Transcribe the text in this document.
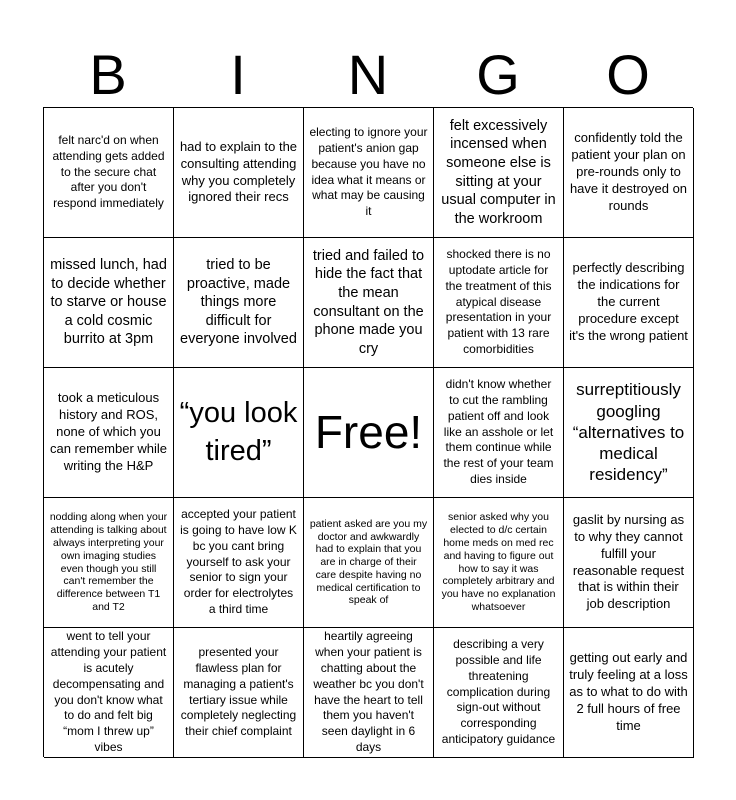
B	I	N	G	O
felt narc'd on when attending gets added to the secure chat after you don't respond immediately
had to explain to the consulting attending why you completely ignored their recs
electing to ignore your patient's anion gap because you have no idea what it means or what may be causing it
felt excessively incensed when someone else is sitting at your usual computer in the workroom
confidently told the patient your plan on pre-rounds only to have it destroyed on rounds
missed lunch, had to decide whether to starve or house a cold cosmic burrito at 3pm
tried to be proactive, made things more difficult for everyone involved
tried and failed to hide the fact that the mean consultant on the phone made you cry
shocked there is no uptodate article for the treatment of this atypical disease presentation in your patient with 13 rare comorbidities
perfectly describing the indications for the current procedure except it's the wrong patient
took a meticulous history and ROS, none of which you can remember while writing the H&P
“you look tired” Free!
didn't know whether to cut the rambling patient off and look like an asshole or let them continue while the rest of your team dies inside
surreptitiously googling “alternatives to medical residency”
nodding along when your attending is talking about always interpreting your own imaging studies even though you still can't remember the difference between T1 and T2
accepted your patient is going to have low K bc you cant bring yourself to ask your senior to sign your order for electrolytes a third time
patient asked are you my doctor and awkwardly had to explain that you are in charge of their care despite having no medical certification to speak of
senior asked why you elected to d/c certain home meds on med rec and having to figure out how to say it was completely arbitrary and you have no explanation whatsoever
gaslit by nursing as to why they cannot fulfill your reasonable request that is within their job description
went to tell your attending your patient is acutely decompensating and you don't know what to do and felt big “mom I threw up” vibes
presented your flawless plan for managing a patient's tertiary issue while completely neglecting their chief complaint
heartily agreeing when your patient is chatting about the weather bc you don't have the heart to tell them you haven't seen daylight in 6 days
describing a very possible and life threatening complication during sign-out without corresponding anticipatory guidance
getting out early and truly feeling at a loss as to what to do with 2 full hours of free time
